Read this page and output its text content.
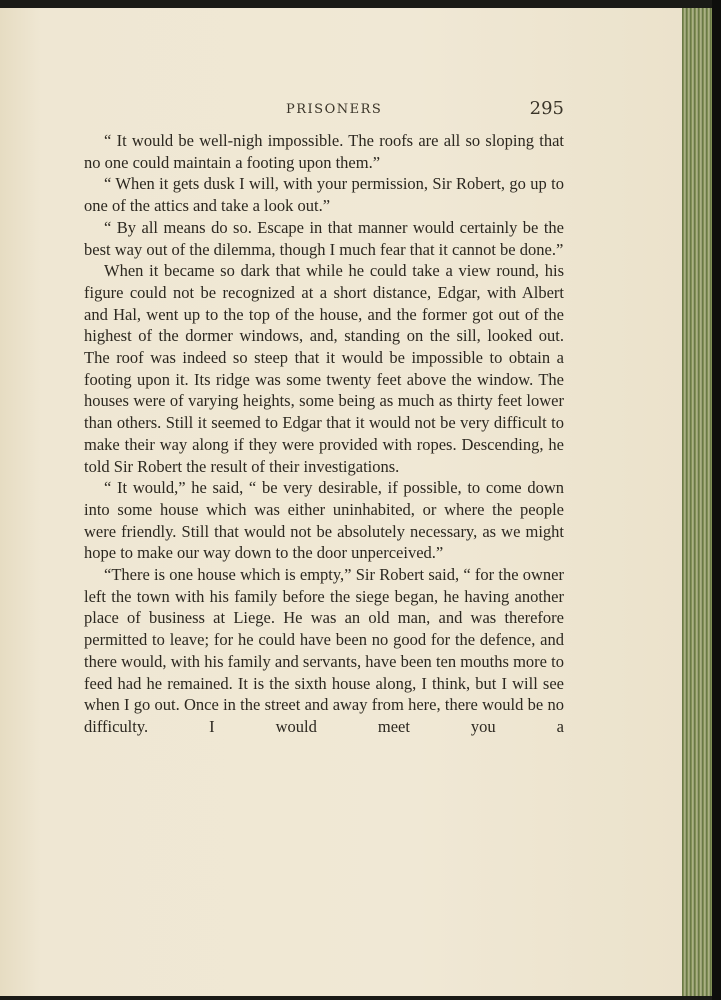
PRISONERS	295

“ It would be well-nigh impossible. The roofs are all so sloping that no one could maintain a footing upon them.”

“ When it gets dusk I will, with your permission, Sir Robert, go up to one of the attics and take a look out.”

“ By all means do so. Escape in that manner would certainly be the best way out of the dilemma, though I much fear that it cannot be done.”

When it became so dark that while he could take a view round, his figure could not be recognized at a short distance, Edgar, with Albert and Hal, went up to the top of the house, and the former got out of the highest of the dormer windows, and, standing on the sill, looked out. The roof was indeed so steep that it would be impossible to obtain a footing upon it. Its ridge was some twenty feet above the window. The houses were of varying heights, some being as much as thirty feet lower than others. Still it seemed to Edgar that it would not be very difficult to make their way along if they were provided with ropes. Descending, he told Sir Robert the result of their investigations.

“ It would,” he said, “ be very desirable, if possible, to come down into some house which was either uninhabited, or where the people were friendly. Still that would not be absolutely necessary, as we might hope to make our way down to the door unperceived.”

“There is one house which is empty,” Sir Robert said, “ for the owner left the town with his family before the siege began, he having another place of business at Liege. He was an old man, and was therefore permitted to leave; for he could have been no good for the defence, and there would, with his family and servants, have been ten mouths more to feed had he remained. It is the sixth house along, I think, but I will see when I go out. Once in the street and away from here, there would be no difficulty. I would meet you a
